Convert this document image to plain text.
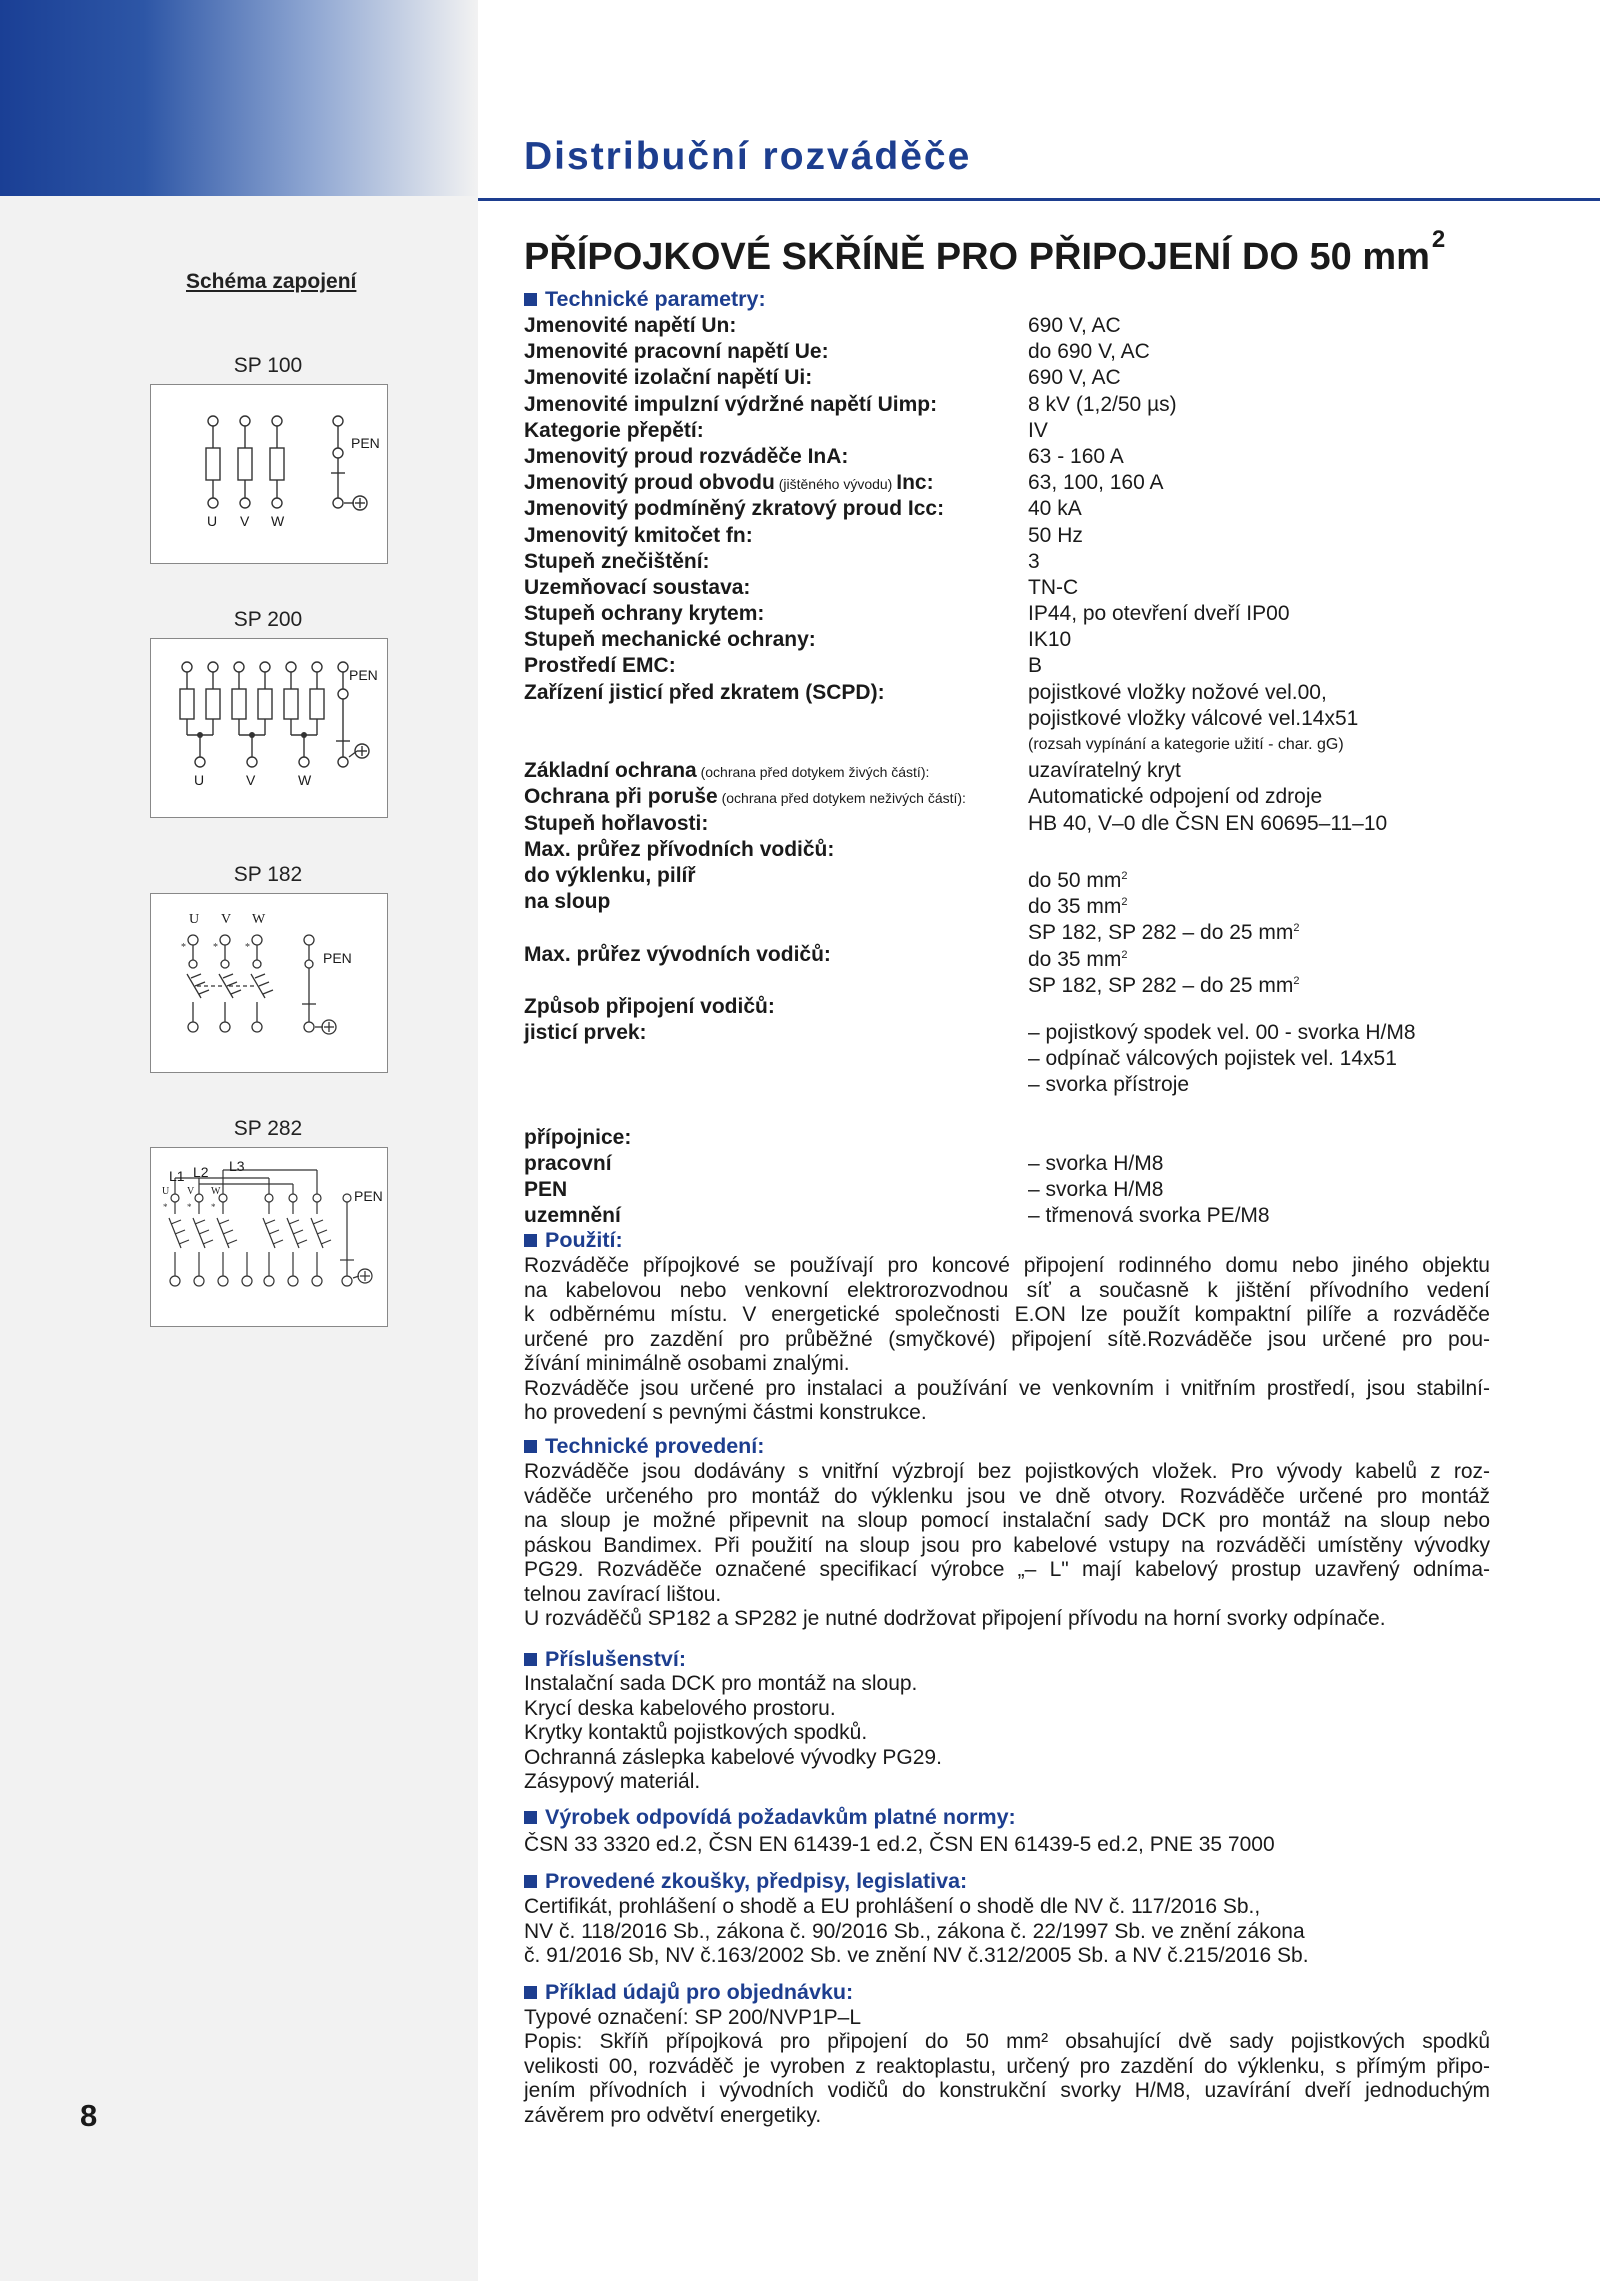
Distribuční rozváděče
Schéma zapojení
SP 100
PEN
U V W
SP 200
PEN
U	V	W
SP 182
*	*	*
U V W
PEN
SP 282
* * *
L1 L2 L3
U V W	PEN
8
PŘÍPOJKOVÉ SKŘÍNĚ PRO PŘIPOJENÍ DO 50 $mm^2$
Technické parametry:
Jmenovité napětí Un:	690 V, AC
Jmenovité pracovní napětí Ue:	do 690 V, AC
Jmenovité izolační napětí Ui:	690 V, AC
Jmenovité impulzní výdržné napětí Uimp:	8 kV (1,2/50 µs)
Kategorie přepětí:	IV
Jmenovitý proud rozváděče InA:	63 - 160 A
Jmenovitý proud obvodu (jištěného vývodu) Inc:	63, 100, 160 A
Jmenovitý podmíněný zkratový proud Icc:	40 kA
Jmenovitý kmitočet fn:	50 Hz
Stupeň znečištění:	3
Uzemňovací soustava:	TN-C
Stupeň ochrany krytem:	IP44, po otevření dveří IP00
Stupeň mechanické ochrany:	IK10
Prostředí EMC:	B
Zařízení jisticí před zkratem (SCPD):	pojistkové vložky nožové vel.00,
pojistkové vložky válcové vel.14x51
(rozsah vypínání a kategorie užití - char. gG)
Základní ochrana (ochrana před dotykem živých částí):	uzavíratelný kryt
Ochrana při poruše (ochrana před dotykem neživých částí):	Automatické odpojení od zdroje
Stupeň hořlavosti:	HB 40, V–0 dle ČSN EN 60695–11–10
Max. průřez přívodních vodičů:
do výklenku, pilíř	do 50 $mm^2$
na sloup	do 35 $mm^2$
SP 182, SP 282 – do 25 $mm^2$
Max. průřez vývodních vodičů:	do 35 $mm^2$
SP 182, SP 282 – do 25 $mm^2$
Způsob připojení vodičů:
jisticí prvek:	– pojistkový spodek vel. 00 - svorka H/M8
– odpínač válcových pojistek vel. 14x51
– svorka přístroje
přípojnice:
pracovní	– svorka H/M8
PEN	– svorka H/M8
uzemnění	– třmenová svorka PE/M8
Použití:
Rozváděče přípojkové se používají pro koncové připojení rodinného domu nebo jiného objektu
na kabelovou nebo venkovní elektrorozvodnou síť a současně k jištění přívodního vedení
k odběrnému místu. V energetické společnosti E.ON lze použít kompaktní pilíře a rozváděče
určené pro zazdění pro průběžné (smyčkové) připojení sítě.Rozváděče jsou určené pro pou-
žívání minimálně osobami znalými.
Rozváděče jsou určené pro instalaci a používání ve venkovním i vnitřním prostředí, jsou stabilní-
ho provedení s pevnými částmi konstrukce.
Technické provedení:
Rozváděče jsou dodávány s vnitřní výzbrojí bez pojistkových vložek. Pro vývody kabelů z roz-
váděče určeného pro montáž do výklenku jsou ve dně otvory. Rozváděče určené pro montáž
na sloup je možné připevnit na sloup pomocí instalační sady DCK pro montáž na sloup nebo
páskou Bandimex. Při použití na sloup jsou pro kabelové vstupy na rozváděči umístěny vývodky
PG29. Rozváděče označené specifikací výrobce „– L" mají kabelový prostup uzavřený odníma-
telnou zavírací lištou.
U rozváděčů SP182 a SP282 je nutné dodržovat připojení přívodu na horní svorky odpínače.
Příslušenství:
Instalační sada DCK pro montáž na sloup.
Krycí deska kabelového prostoru.
Krytky kontaktů pojistkových spodků.
Ochranná záslepka kabelové vývodky PG29.
Zásypový materiál.
Výrobek odpovídá požadavkům platné normy:
ČSN 33 3320 ed.2, ČSN EN 61439-1 ed.2, ČSN EN 61439-5 ed.2, PNE 35 7000
Provedené zkoušky, předpisy, legislativa:
Certifikát, prohlášení o shodě a EU prohlášení o shodě dle NV č. 117/2016 Sb.,
NV č. 118/2016 Sb., zákona č. 90/2016 Sb., zákona č. 22/1997 Sb. ve znění zákona
č. 91/2016 Sb, NV č.163/2002 Sb. ve znění NV č.312/2005 Sb. a NV č.215/2016 Sb.
Příklad údajů pro objednávku:
Typové označení: SP 200/NVP1P–L
Popis: Skříň přípojková pro připojení do 50 mm² obsahující dvě sady pojistkových spodků
velikosti 00, rozváděč je vyroben z reaktoplastu, určený pro zazdění do výklenku, s přímým připo-
jením přívodních i vývodních vodičů do konstrukční svorky H/M8, uzavírání dveří jednoduchým
závěrem pro odvětví energetiky.
